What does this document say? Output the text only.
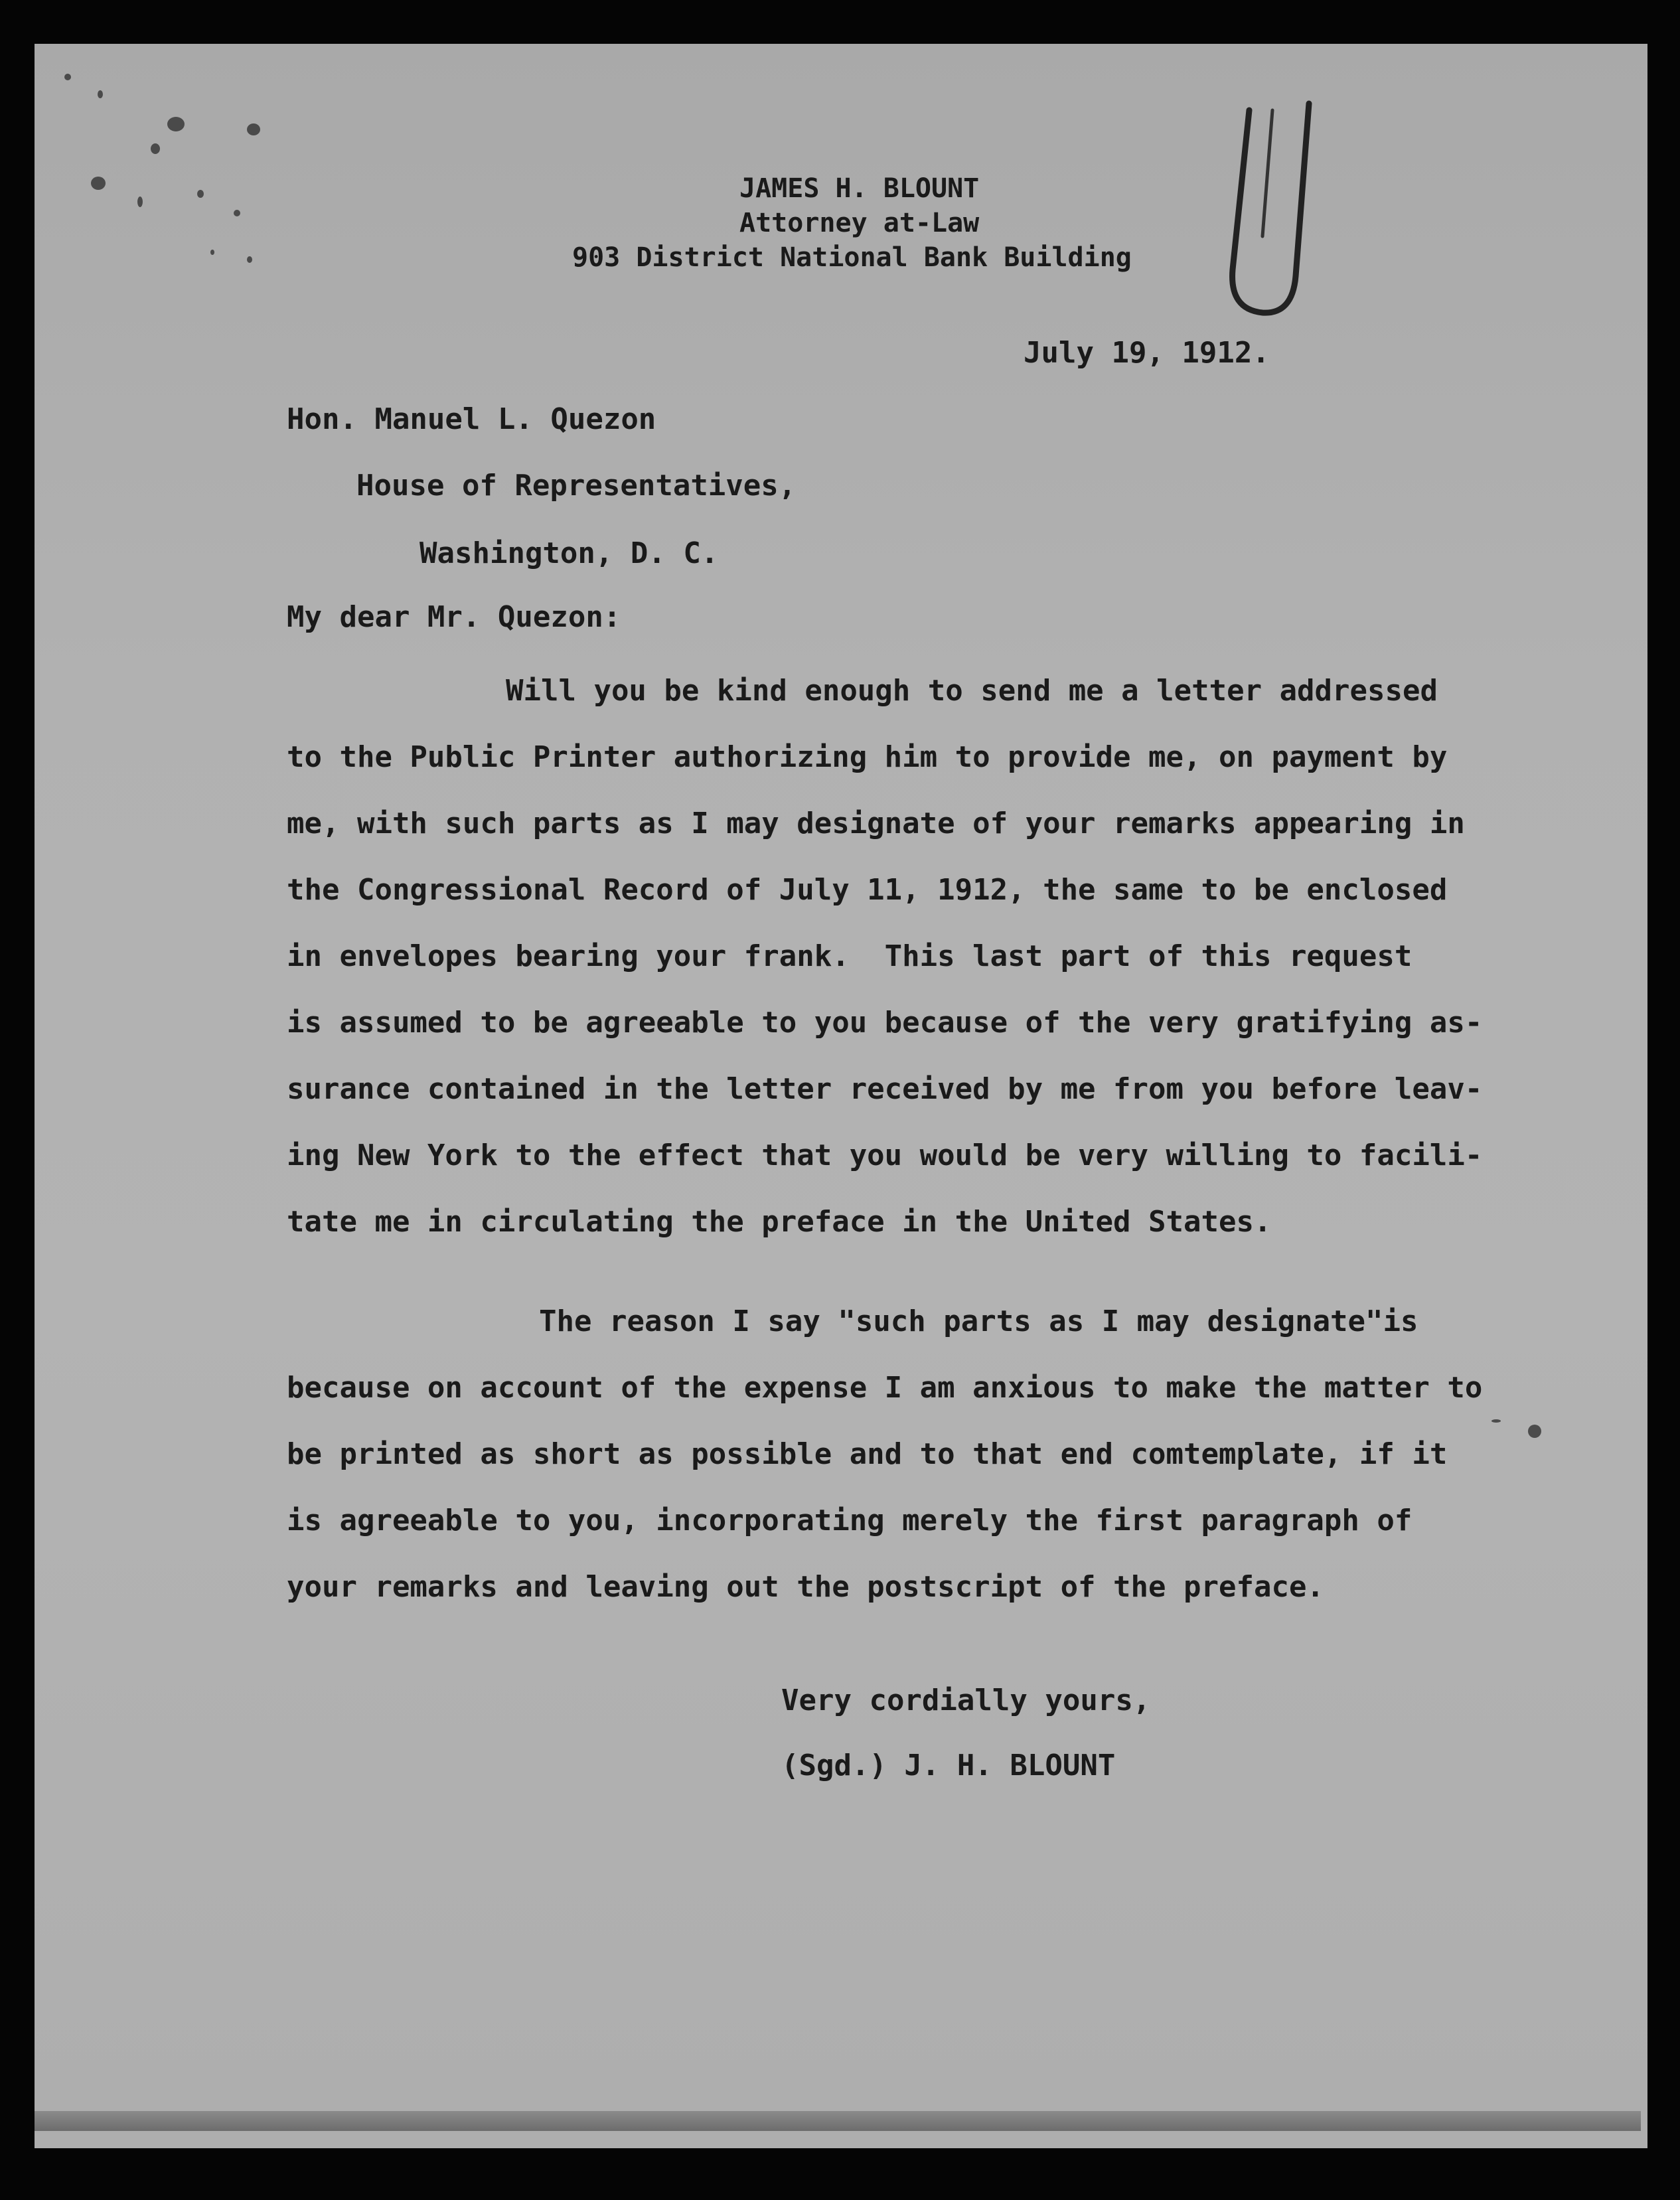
JAMES H. BLOUNT

Attorney at-Law

903 District National Bank Building

July 19, 1912.

Hon. Manuel L. Quezon

House of Representatives,

Washington, D. C.

My dear Mr. Quezon:

Will you be kind enough to send me a letter addressed

to the Public Printer authorizing him to provide me, on payment by

me, with such parts as I may designate of your remarks appearing in

the Congressional Record of July 11, 1912, the same to be enclosed

in envelopes bearing your frank.  This last part of this request

is assumed to be agreeable to you because of the very gratifying as-

surance contained in the letter received by me from you before leav-

ing New York to the effect that you would be very willing to facili-

tate me in circulating the preface in the United States.

The reason I say "such parts as I may designate"is

because on account of the expense I am anxious to make the matter to

be printed as short as possible and to that end comtemplate, if it

is agreeable to you, incorporating merely the first paragraph of

your remarks and leaving out the postscript of the preface.

Very cordially yours,

(Sgd.) J. H. BLOUNT
